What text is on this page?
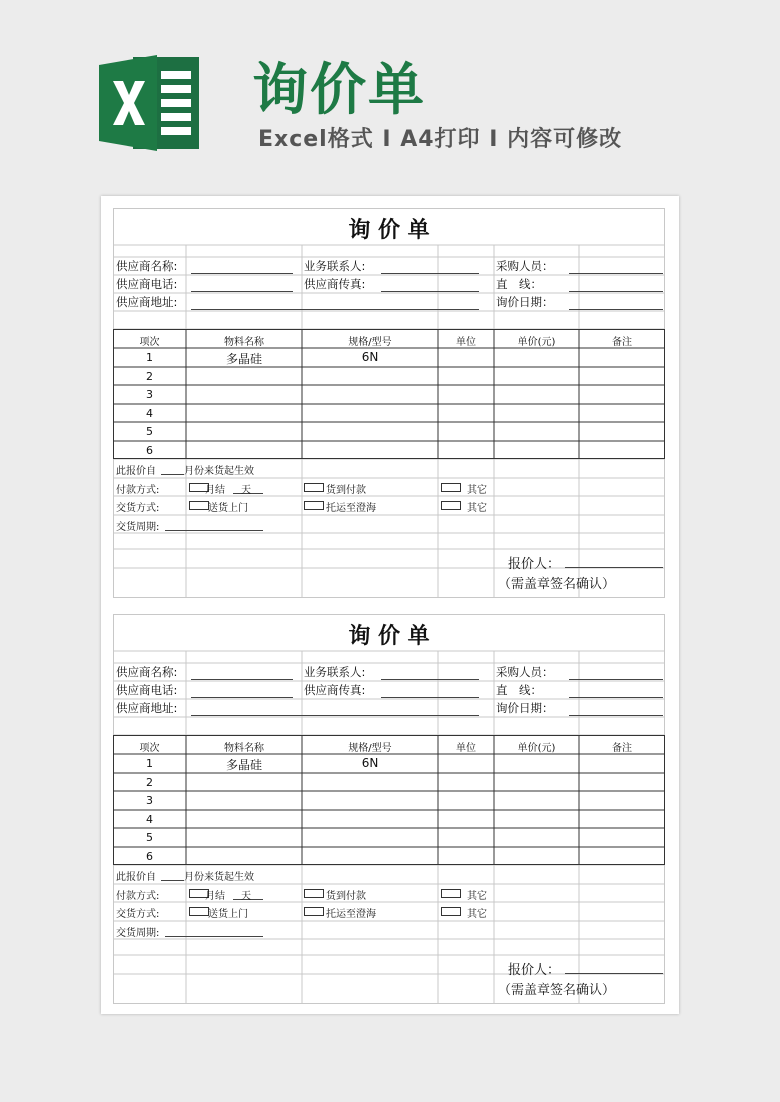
询价单
Excel格式 I A4打印 I 内容可修改
询 价 单
供应商名称:	业务联系人:	采购人员：
供应商电话:	供应商传真:	直　线：
供应商地址:	询价日期：
项次	物料名称	规格/型号	单位	单价(元)	备注
1	多晶硅	6N
2
3
4
5
6
此报价自	月份来货起生效
付款方式:	月结 天	货到付款	其它
交货方式:	送货上门	托运至澄海	其它
交货周期:
报价人：
（需盖章签名确认）
询 价 单
供应商名称:	业务联系人:	采购人员：
供应商电话:	供应商传真:	直　线：
供应商地址:	询价日期：
项次	物料名称	规格/型号	单位	单价(元)	备注
1	多晶硅	6N
2
3
4
5
6
此报价自	月份来货起生效
付款方式:	月结 天	货到付款	其它
交货方式:	送货上门	托运至澄海	其它
交货周期:
报价人：
（需盖章签名确认）
